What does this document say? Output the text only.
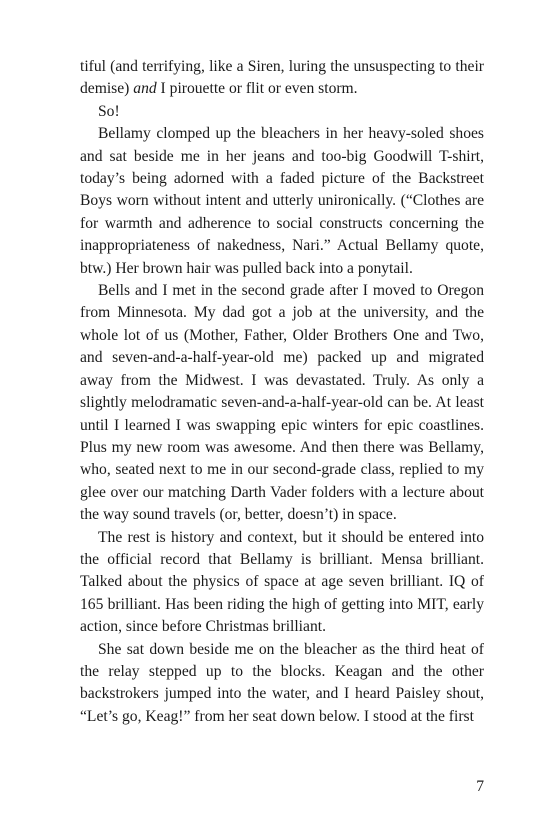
tiful (and terrifying, like a Siren, luring the unsuspecting to their demise) and I pirouette or flit or even storm.

So!

Bellamy clomped up the bleachers in her heavy-soled shoes and sat beside me in her jeans and too-big Goodwill T-shirt, today’s being adorned with a faded picture of the Backstreet Boys worn without intent and utterly unironically. (“Clothes are for warmth and adherence to social constructs concerning the inappropriateness of nakedness, Nari.” Actual Bellamy quote, btw.) Her brown hair was pulled back into a ponytail.

Bells and I met in the second grade after I moved to Oregon from Minnesota. My dad got a job at the university, and the whole lot of us (Mother, Father, Older Brothers One and Two, and seven-and-a-half-year-old me) packed up and migrated away from the Midwest. I was devastated. Truly. As only a slightly melodramatic seven-and-a-half-year-old can be. At least until I learned I was swapping epic winters for epic coastlines. Plus my new room was awesome. And then there was Bellamy, who, seated next to me in our second-grade class, replied to my glee over our matching Darth Vader folders with a lecture about the way sound travels (or, better, doesn’t) in space.

The rest is history and context, but it should be entered into the official record that Bellamy is brilliant. Mensa brilliant. Talked about the physics of space at age seven brilliant. IQ of 165 brilliant. Has been riding the high of getting into MIT, early action, since before Christmas brilliant.

She sat down beside me on the bleacher as the third heat of the relay stepped up to the blocks. Keagan and the other backstrokers jumped into the water, and I heard Paisley shout, “Let’s go, Keag!” from her seat down below. I stood at the first

7
